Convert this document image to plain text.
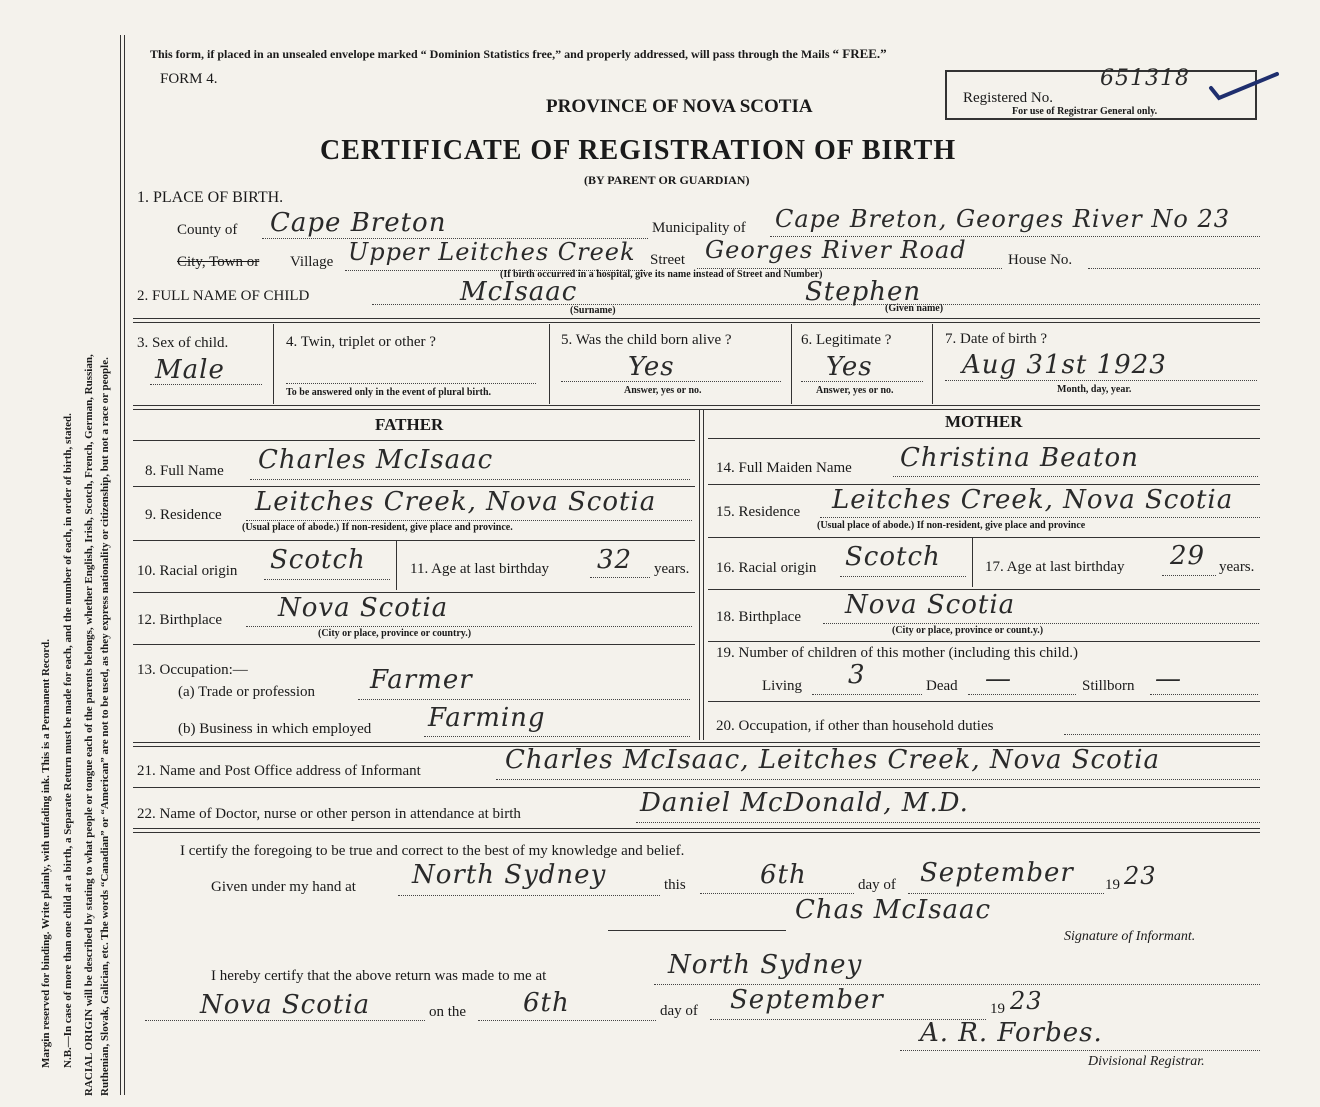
Margin reserved for binding. Write plainly, with unfading ink. This is a Permanent Record. N.B.—In case of more than one child at a birth, a Separate Return must be made for each, and the number of each, in order of birth, stated. RACIAL ORIGIN will be described by stating to what people or tongue each of the parents belongs, whether English, Irish, Scotch, French, German, Russian, Ruthenian, Slovak, Galician, etc. The words “Canadian” or “American” are not to be used, as they express nationality or citizenship, but not a race or people.
This form, if placed in an unsealed envelope marked “ Dominion Statistics free,” and properly addressed, will pass through the Mails “ FREE.”
FORM 4.
PROVINCE OF NOVA SCOTIA
CERTIFICATE OF REGISTRATION OF BIRTH
(BY PARENT OR GUARDIAN)
Registered No.
651318
For use of Registrar General only.
1. PLACE OF BIRTH.
County of Cape Breton	Municipality of Cape Breton, Georges River No 23
City, Town or Village Upper Leitches Creek Street Georges River Road	House No.
(If birth occurred in a hospital, give its name instead of Street and Number)
2. FULL NAME OF CHILD	McIsaac	Stephen
(Surname)	(Given name)
3. Sex of child.
Male
4. Twin, triplet or other ?
To be answered only in the event of plural birth.
5. Was the child born alive ?
Yes
Answer, yes or no.
6. Legitimate ?
Yes
Answer, yes or no.
7. Date of birth ?
Aug 31st 1923
Month, day, year.
FATHER	MOTHER
8. Full Name Charles McIsaac	14. Full Maiden Name Christina Beaton
9. Residence Leitches Creek, Nova Scotia
(Usual place of abode.) If non-resident, give place and province.
15. Residence Leitches Creek, Nova Scotia
(Usual place of abode.) If non-resident, give place and province
10. Racial origin Scotch	11. Age at last birthday 32 years. 16. Racial origin Scotch	17. Age at last birthday 29 years.
12. Birthplace Nova Scotia
(City or place, province or country.)
18. Birthplace Nova Scotia
(City or place, province or count.y.)
13. Occupation:—
(a) Trade or profession Farmer
(b) Business in which employed Farming
19. Number of children of this mother (including this child.)
Living 3	Dead —	Stillborn —
20. Occupation, if other than household duties
21. Name and Post Office address of Informant	Charles McIsaac, Leitches Creek, Nova Scotia
22. Name of Doctor, nurse or other person in attendance at birth	Daniel McDonald, M.D.
I certify the foregoing to be true and correct to the best of my knowledge and belief.
Given under my hand at North Sydney	this	6th	day of September 19 23
Chas McIsaac
Signature of Informant.
I hereby certify that the above return was made to me at	North Sydney
Nova Scotia	on the 6th	day of September	19 23
A. R. Forbes.
Divisional Registrar.
